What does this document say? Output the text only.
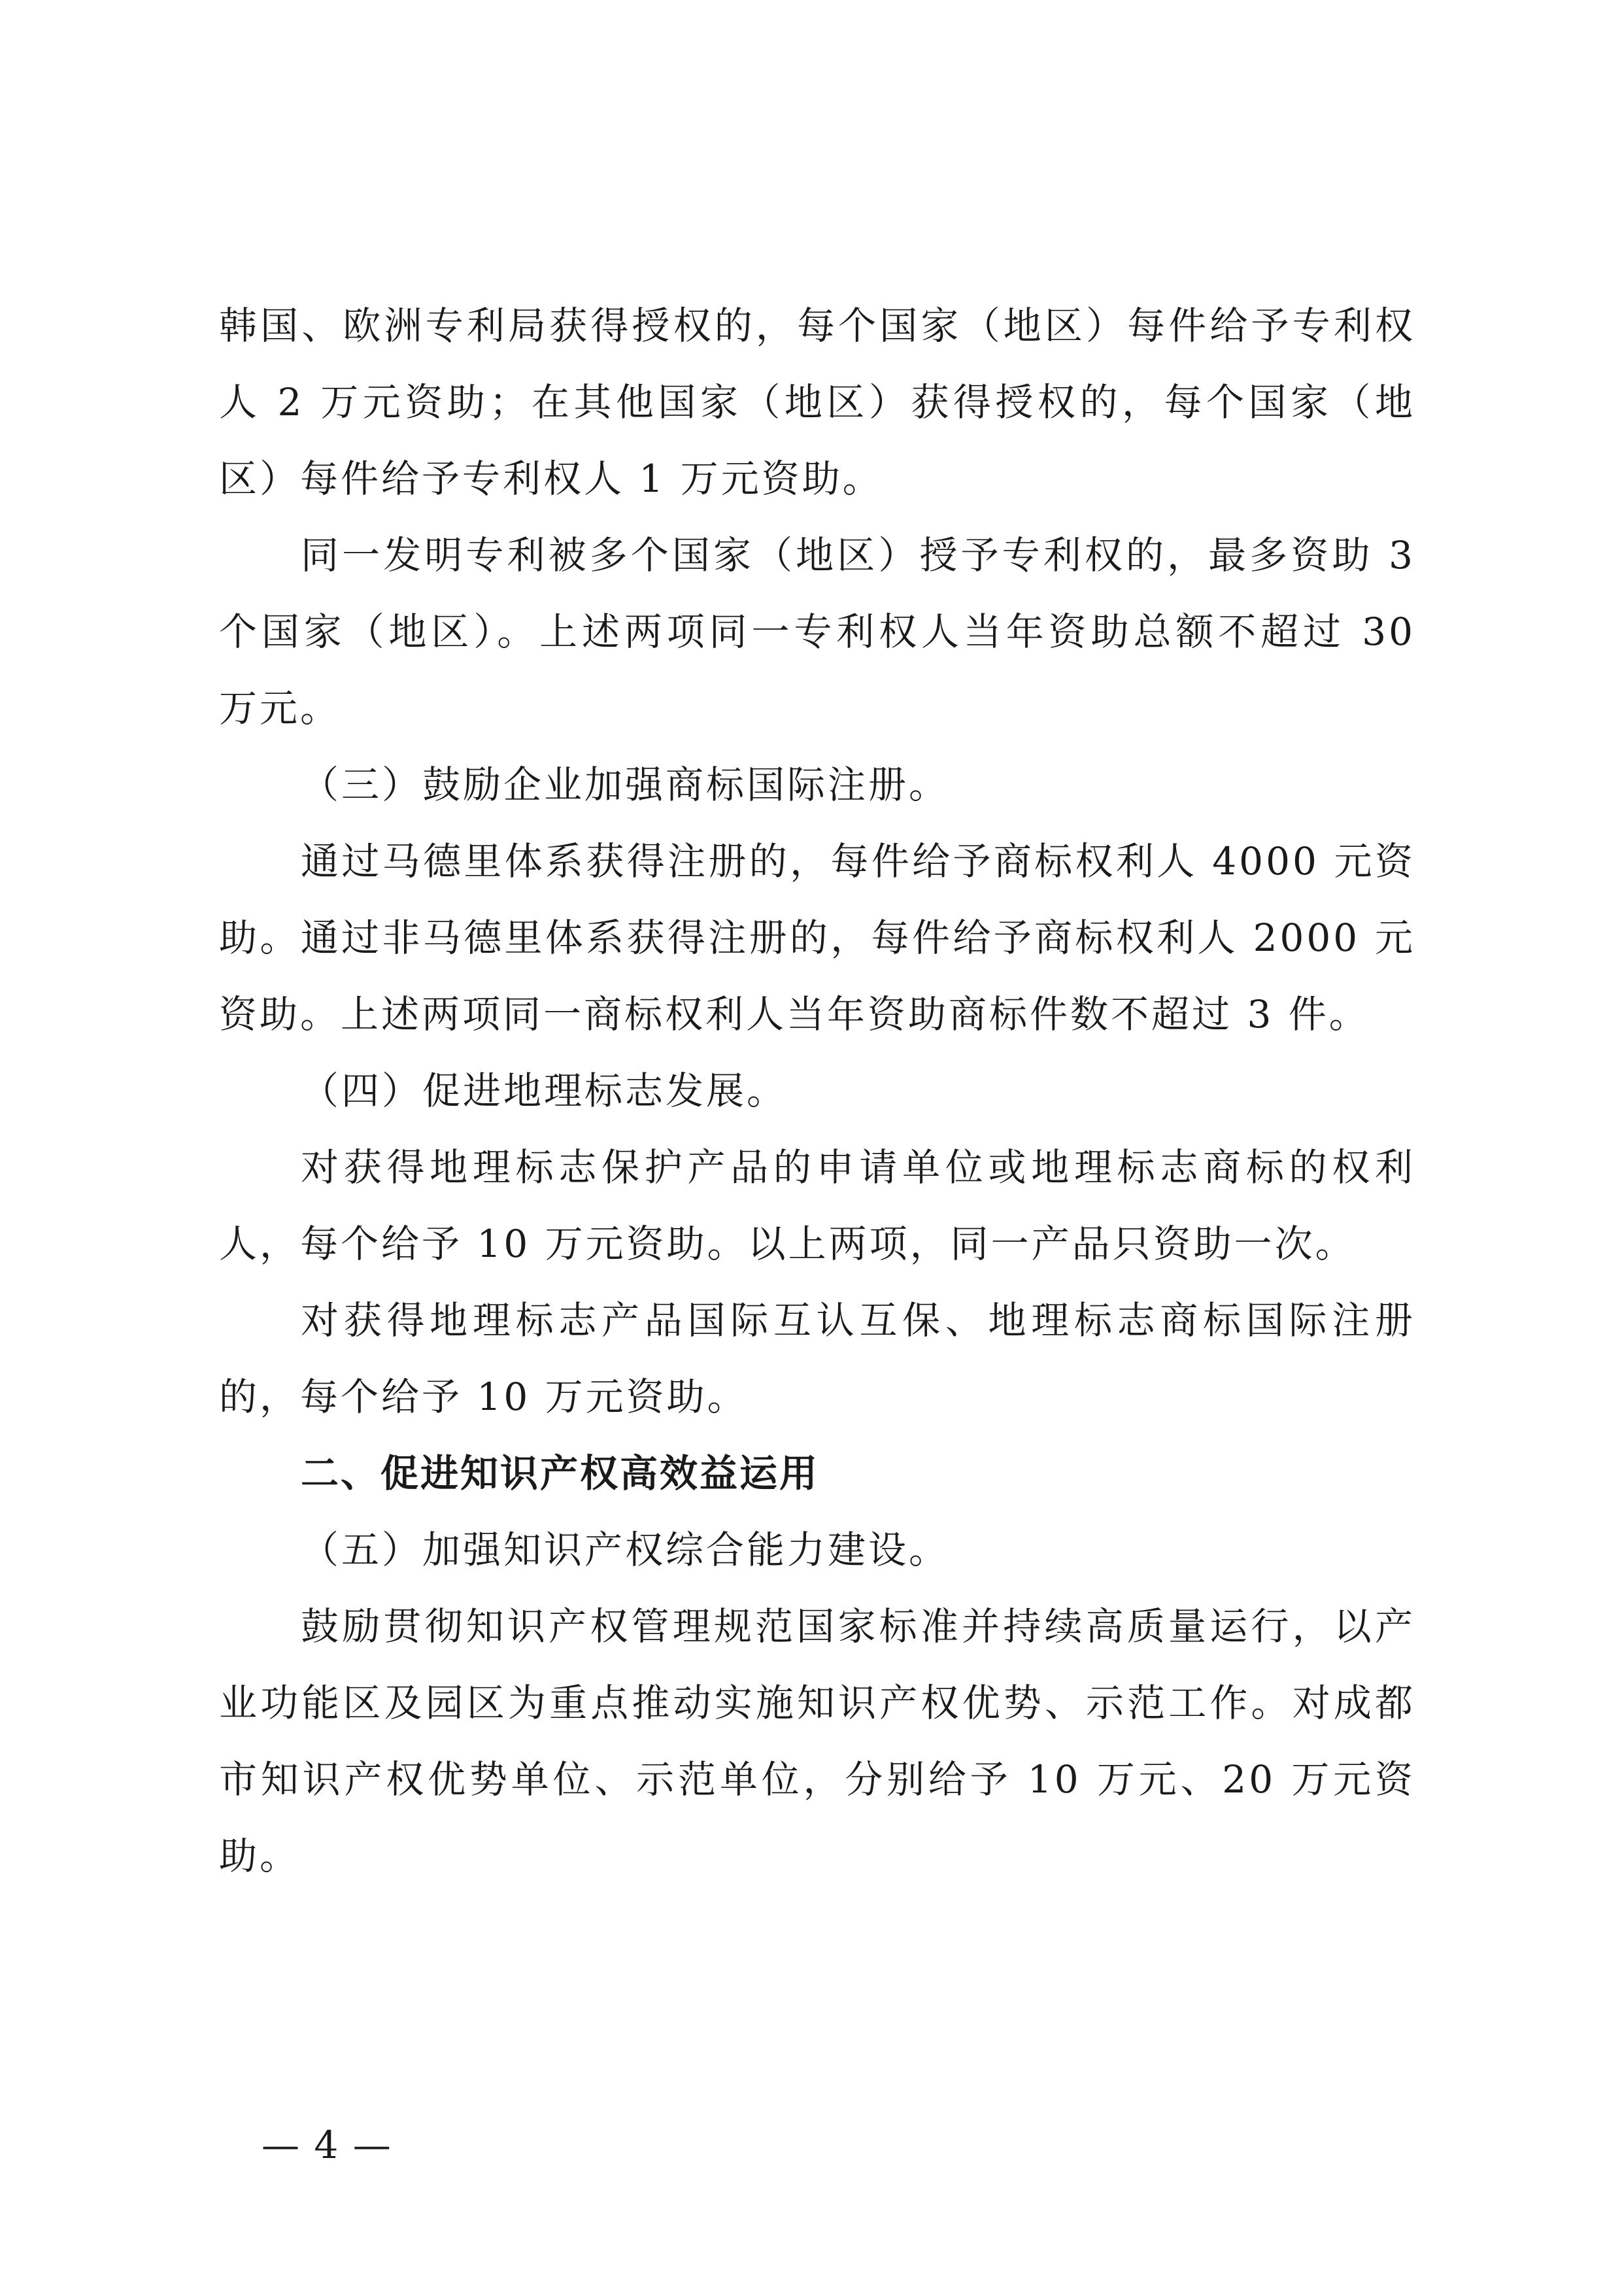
韩国、欧洲专利局获得授权的，每个国家（地区）每件给予专利权人 2 万元资助；在其他国家（地区）获得授权的，每个国家（地区）每件给予专利权人 1 万元资助。

同一发明专利被多个国家（地区）授予专利权的，最多资助 3 个国家（地区）。上述两项同一专利权人当年资助总额不超过 30 万元。

（三）鼓励企业加强商标国际注册。

通过马德里体系获得注册的，每件给予商标权利人 4000 元资助。通过非马德里体系获得注册的，每件给予商标权利人 2000 元资助。上述两项同一商标权利人当年资助商标件数不超过 3 件。

（四）促进地理标志发展。

对获得地理标志保护产品的申请单位或地理标志商标的权利人，每个给予 10 万元资助。以上两项，同一产品只资助一次。

对获得地理标志产品国际互认互保、地理标志商标国际注册的，每个给予 10 万元资助。

二、促进知识产权高效益运用

（五）加强知识产权综合能力建设。

鼓励贯彻知识产权管理规范国家标准并持续高质量运行，以产业功能区及园区为重点推动实施知识产权优势、示范工作。对成都市知识产权优势单位、示范单位，分别给予 10 万元、20 万元资助。

— 4 —
